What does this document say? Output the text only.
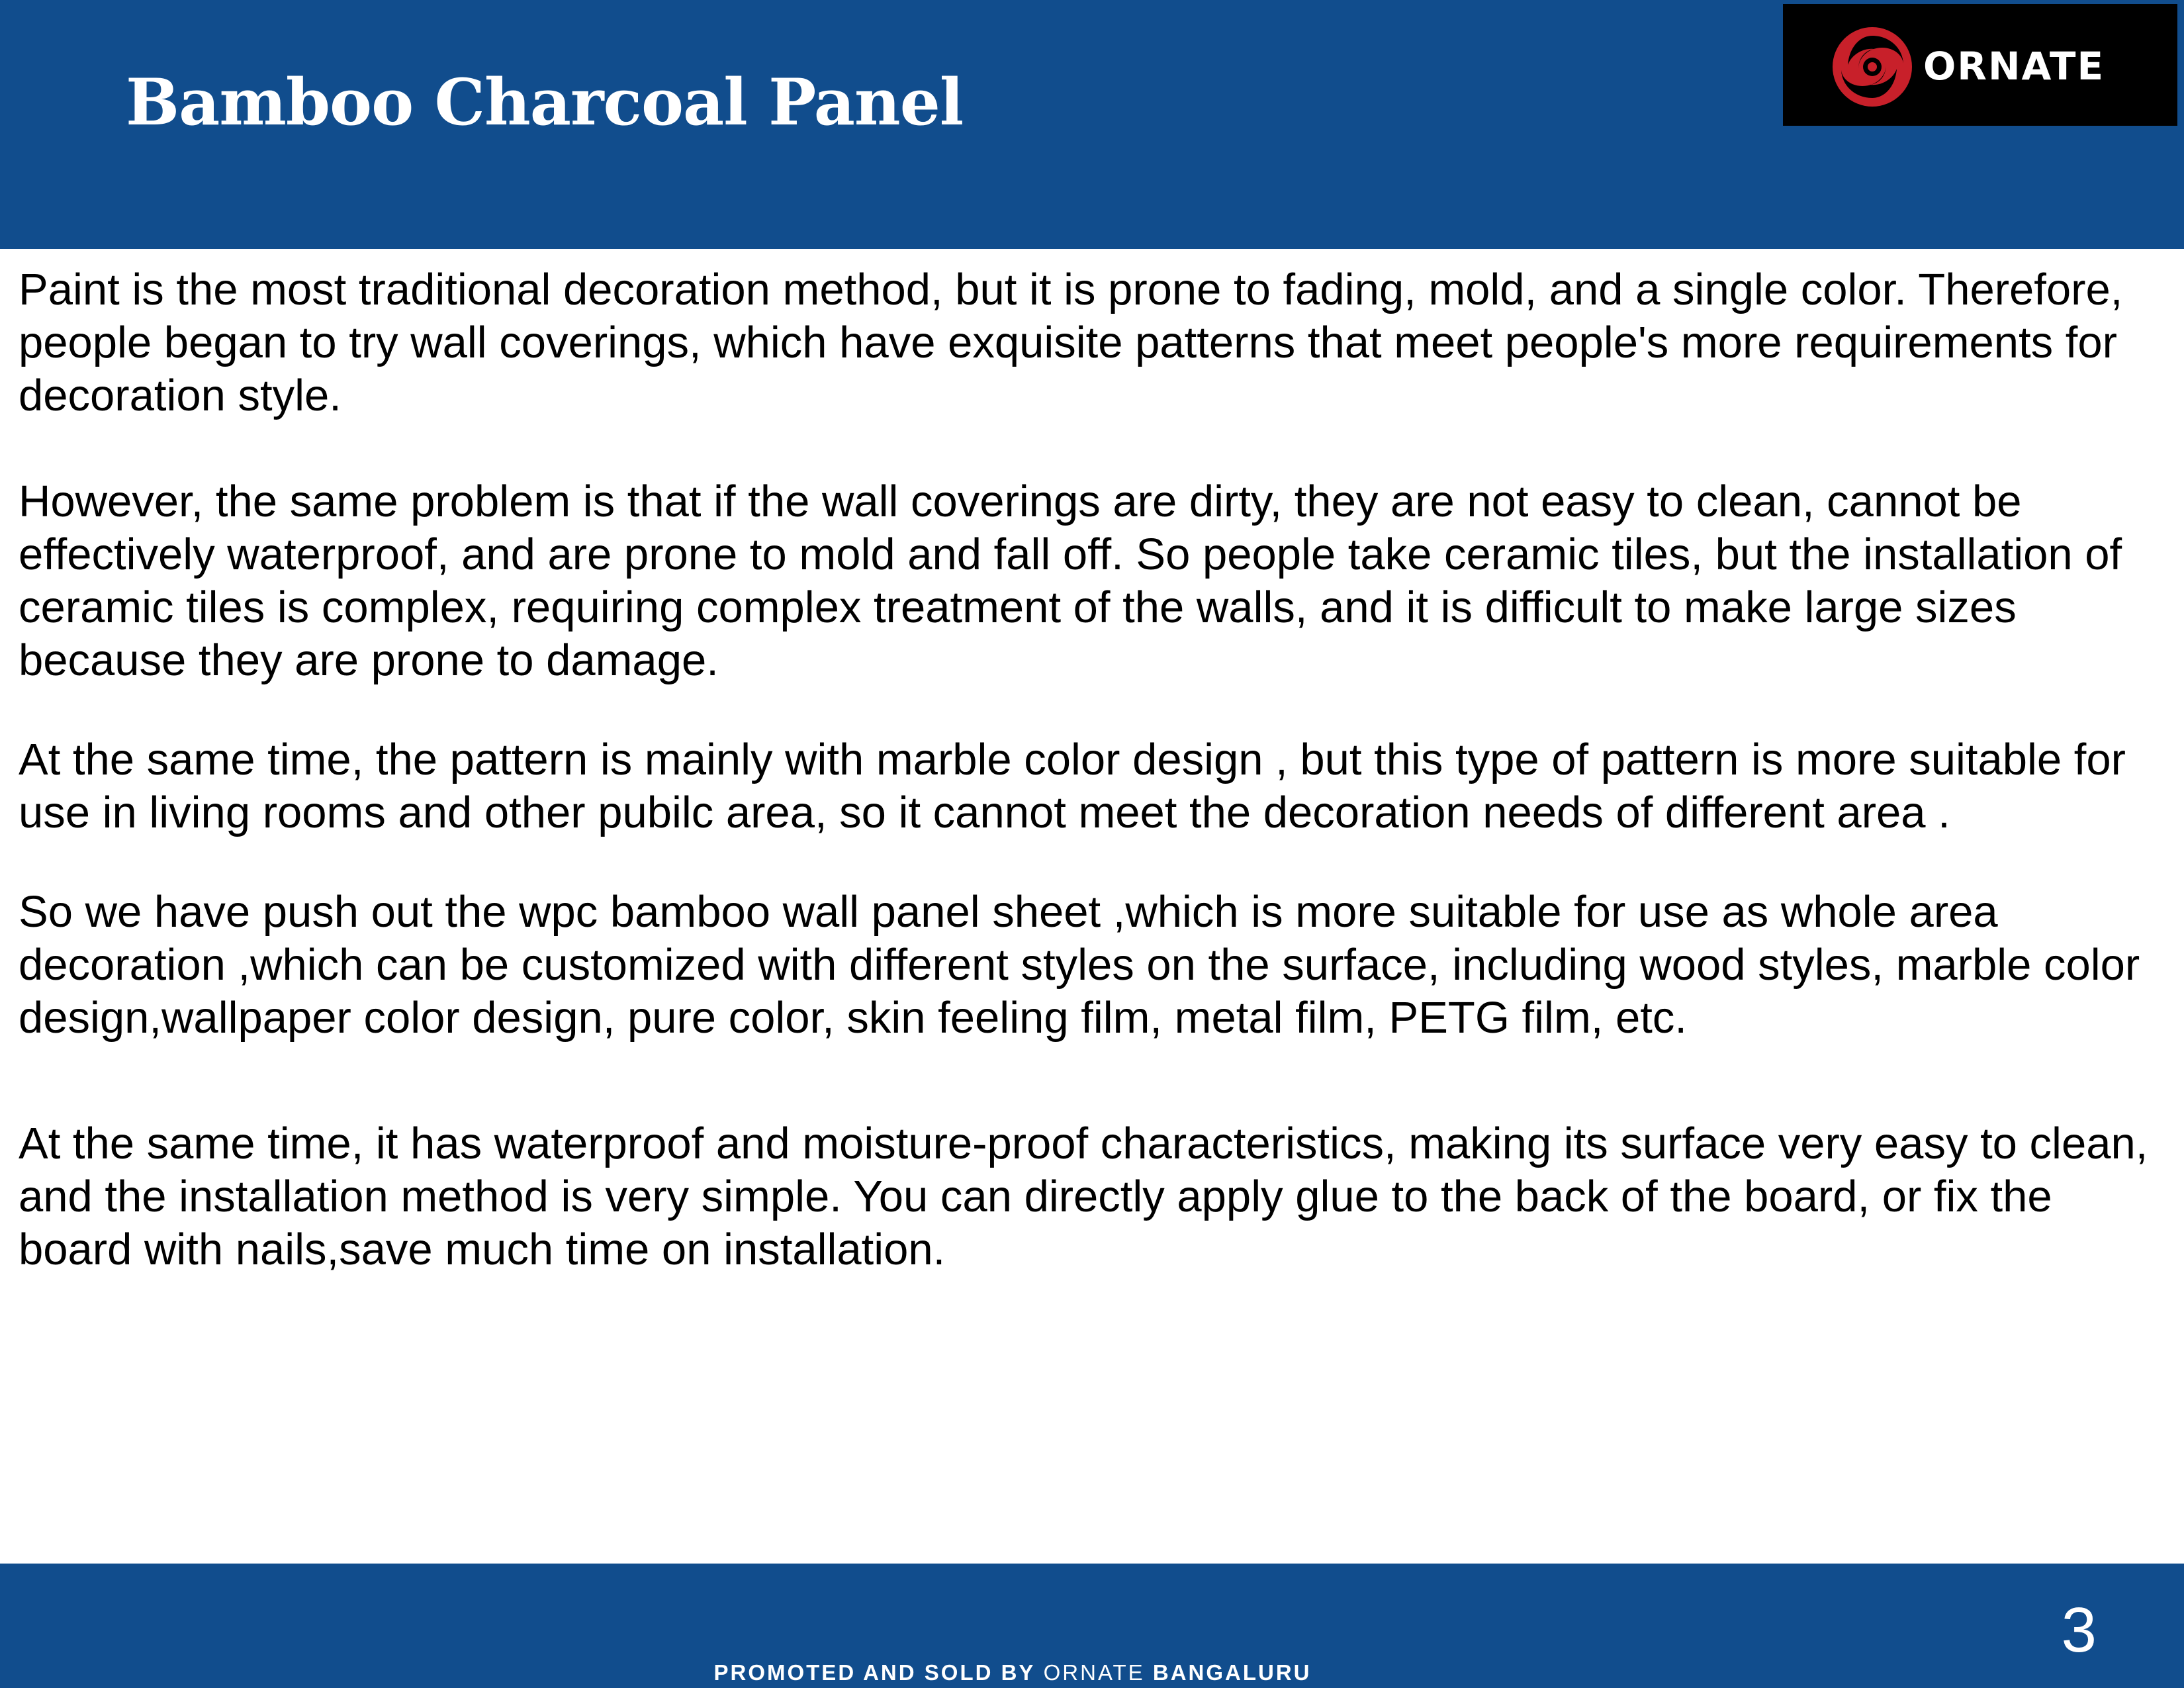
Bamboo Charcoal Panel	ORNATE

Paint is the most traditional decoration method, but it is prone to fading, mold, and a single color. Therefore, people began to try wall coverings, which have exquisite patterns that meet people's more requirements for decoration style.

However, the same problem is that if the wall coverings are dirty, they are not easy to clean, cannot be effectively waterproof, and are prone to mold and fall off. So people take ceramic tiles, but the installation of ceramic tiles is complex, requiring complex treatment of the walls, and it is difficult to make large sizes because they are prone to damage.

At the same time, the pattern is mainly with marble color design , but this type of pattern is more suitable for use in living rooms and other pubilc area, so it cannot meet the decoration needs of different area .

So we have push out the wpc bamboo wall panel sheet ,which is more suitable for use as whole area decoration ,which can be customized with different styles on the surface, including wood styles, marble color design,wallpaper color design, pure color, skin feeling film, metal film, PETG film, etc.

At the same time, it has waterproof and moisture-proof characteristics, making its surface very easy to clean, and the installation method is very simple. You can directly apply glue to the back of the board, or fix the board with nails,save much time on installation.

3
PROMOTED AND SOLD BY ORNATE BANGALURU
